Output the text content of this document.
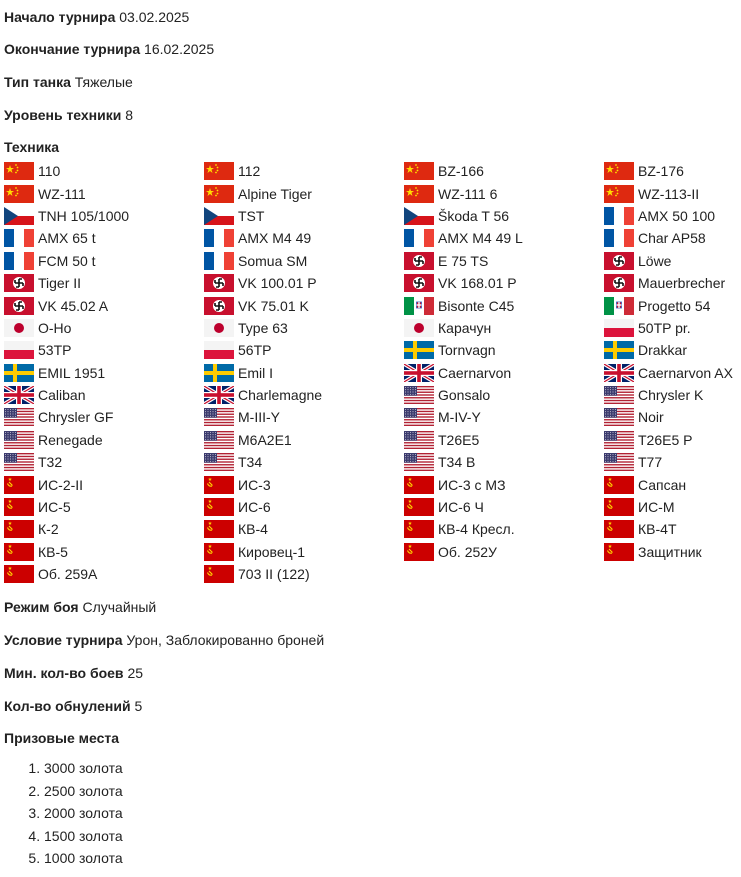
Начало турнира 03.02.2025
Окончание турнира 16.02.2025
Тип танка Тяжелые
Уровень техники 8
Техника
110	112	BZ-166	BZ-176
WZ-111	Alpine Tiger	WZ-111 6	WZ-113-II
TNH 105/1000	TST	Škoda T 56	AMX 50 100
AMX 65 t	AMX M4 49	AMX M4 49 L	Char AP58
FCM 50 t	Somua SM	E 75 TS	Löwe
Tiger II	VK 100.01 P	VK 168.01 P	Mauerbrecher
VK 45.02 A	VK 75.01 K	Bisonte C45	Progetto 54
O-Ho	Type 63	Карачун	50TP pr.
53TP	56TP	Tornvagn	Drakkar
EMIL 1951	Emil I	Caernarvon	Caernarvon AX
Caliban	Charlemagne	Gonsalo	Chrysler K
Chrysler GF	M-III-Y	M-IV-Y	Noir
Renegade	M6A2E1	T26E5	T26E5 P
T32	T34	T34 B	T77
ИС-2-II	ИС-3	ИС-3 с МЗ	Сапсан
ИС-5	ИС-6	ИС-6 Ч	ИС-М
К-2	КВ-4	КВ-4 Кресл.	КВ-4Т
КВ-5	Кировец-1	Об. 252У	Защитник
Об. 259А	703 II (122)
Режим боя Случайный
Условие турнира Урон, Заблокированно броней
Мин. кол-во боев 25
Кол-во обнулений 5
Призовые места
1. 3000 золота
2. 2500 золота
3. 2000 золота
4. 1500 золота
5. 1000 золота
